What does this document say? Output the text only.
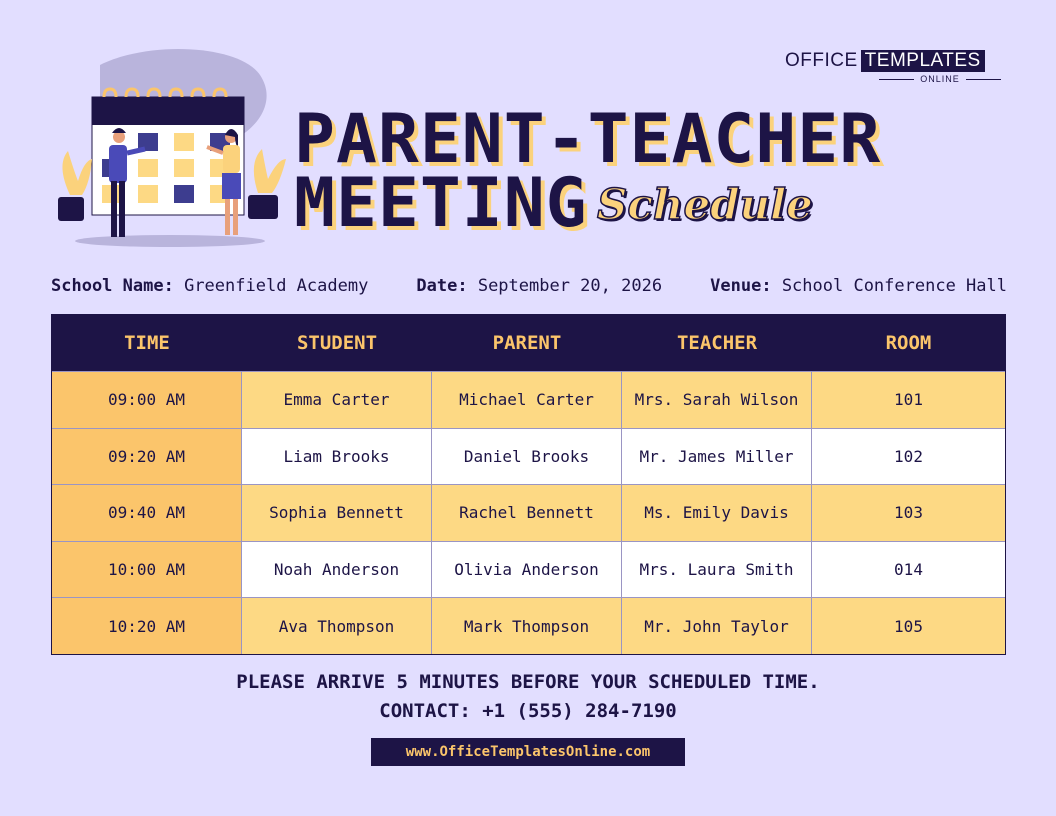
OFFICE TEMPLATES
ONLINE
PARENT-TEACHER
MEETING Schedule
School Name: Greenfield Academy	Date: September 20, 2026	Venue: School Conference Hall
TIME	STUDENT	PARENT	TEACHER	ROOM
09:00 AM	Emma Carter	Michael Carter	Mrs. Sarah Wilson	101
09:20 AM	Liam Brooks	Daniel Brooks	Mr. James Miller	102
09:40 AM	Sophia Bennett	Rachel Bennett	Ms. Emily Davis	103
10:00 AM	Noah Anderson	Olivia Anderson	Mrs. Laura Smith	014
10:20 AM	Ava Thompson	Mark Thompson	Mr. John Taylor	105
PLEASE ARRIVE 5 MINUTES BEFORE YOUR SCHEDULED TIME.
CONTACT: +1 (555) 284-7190
www.OfficeTemplatesOnline.com
